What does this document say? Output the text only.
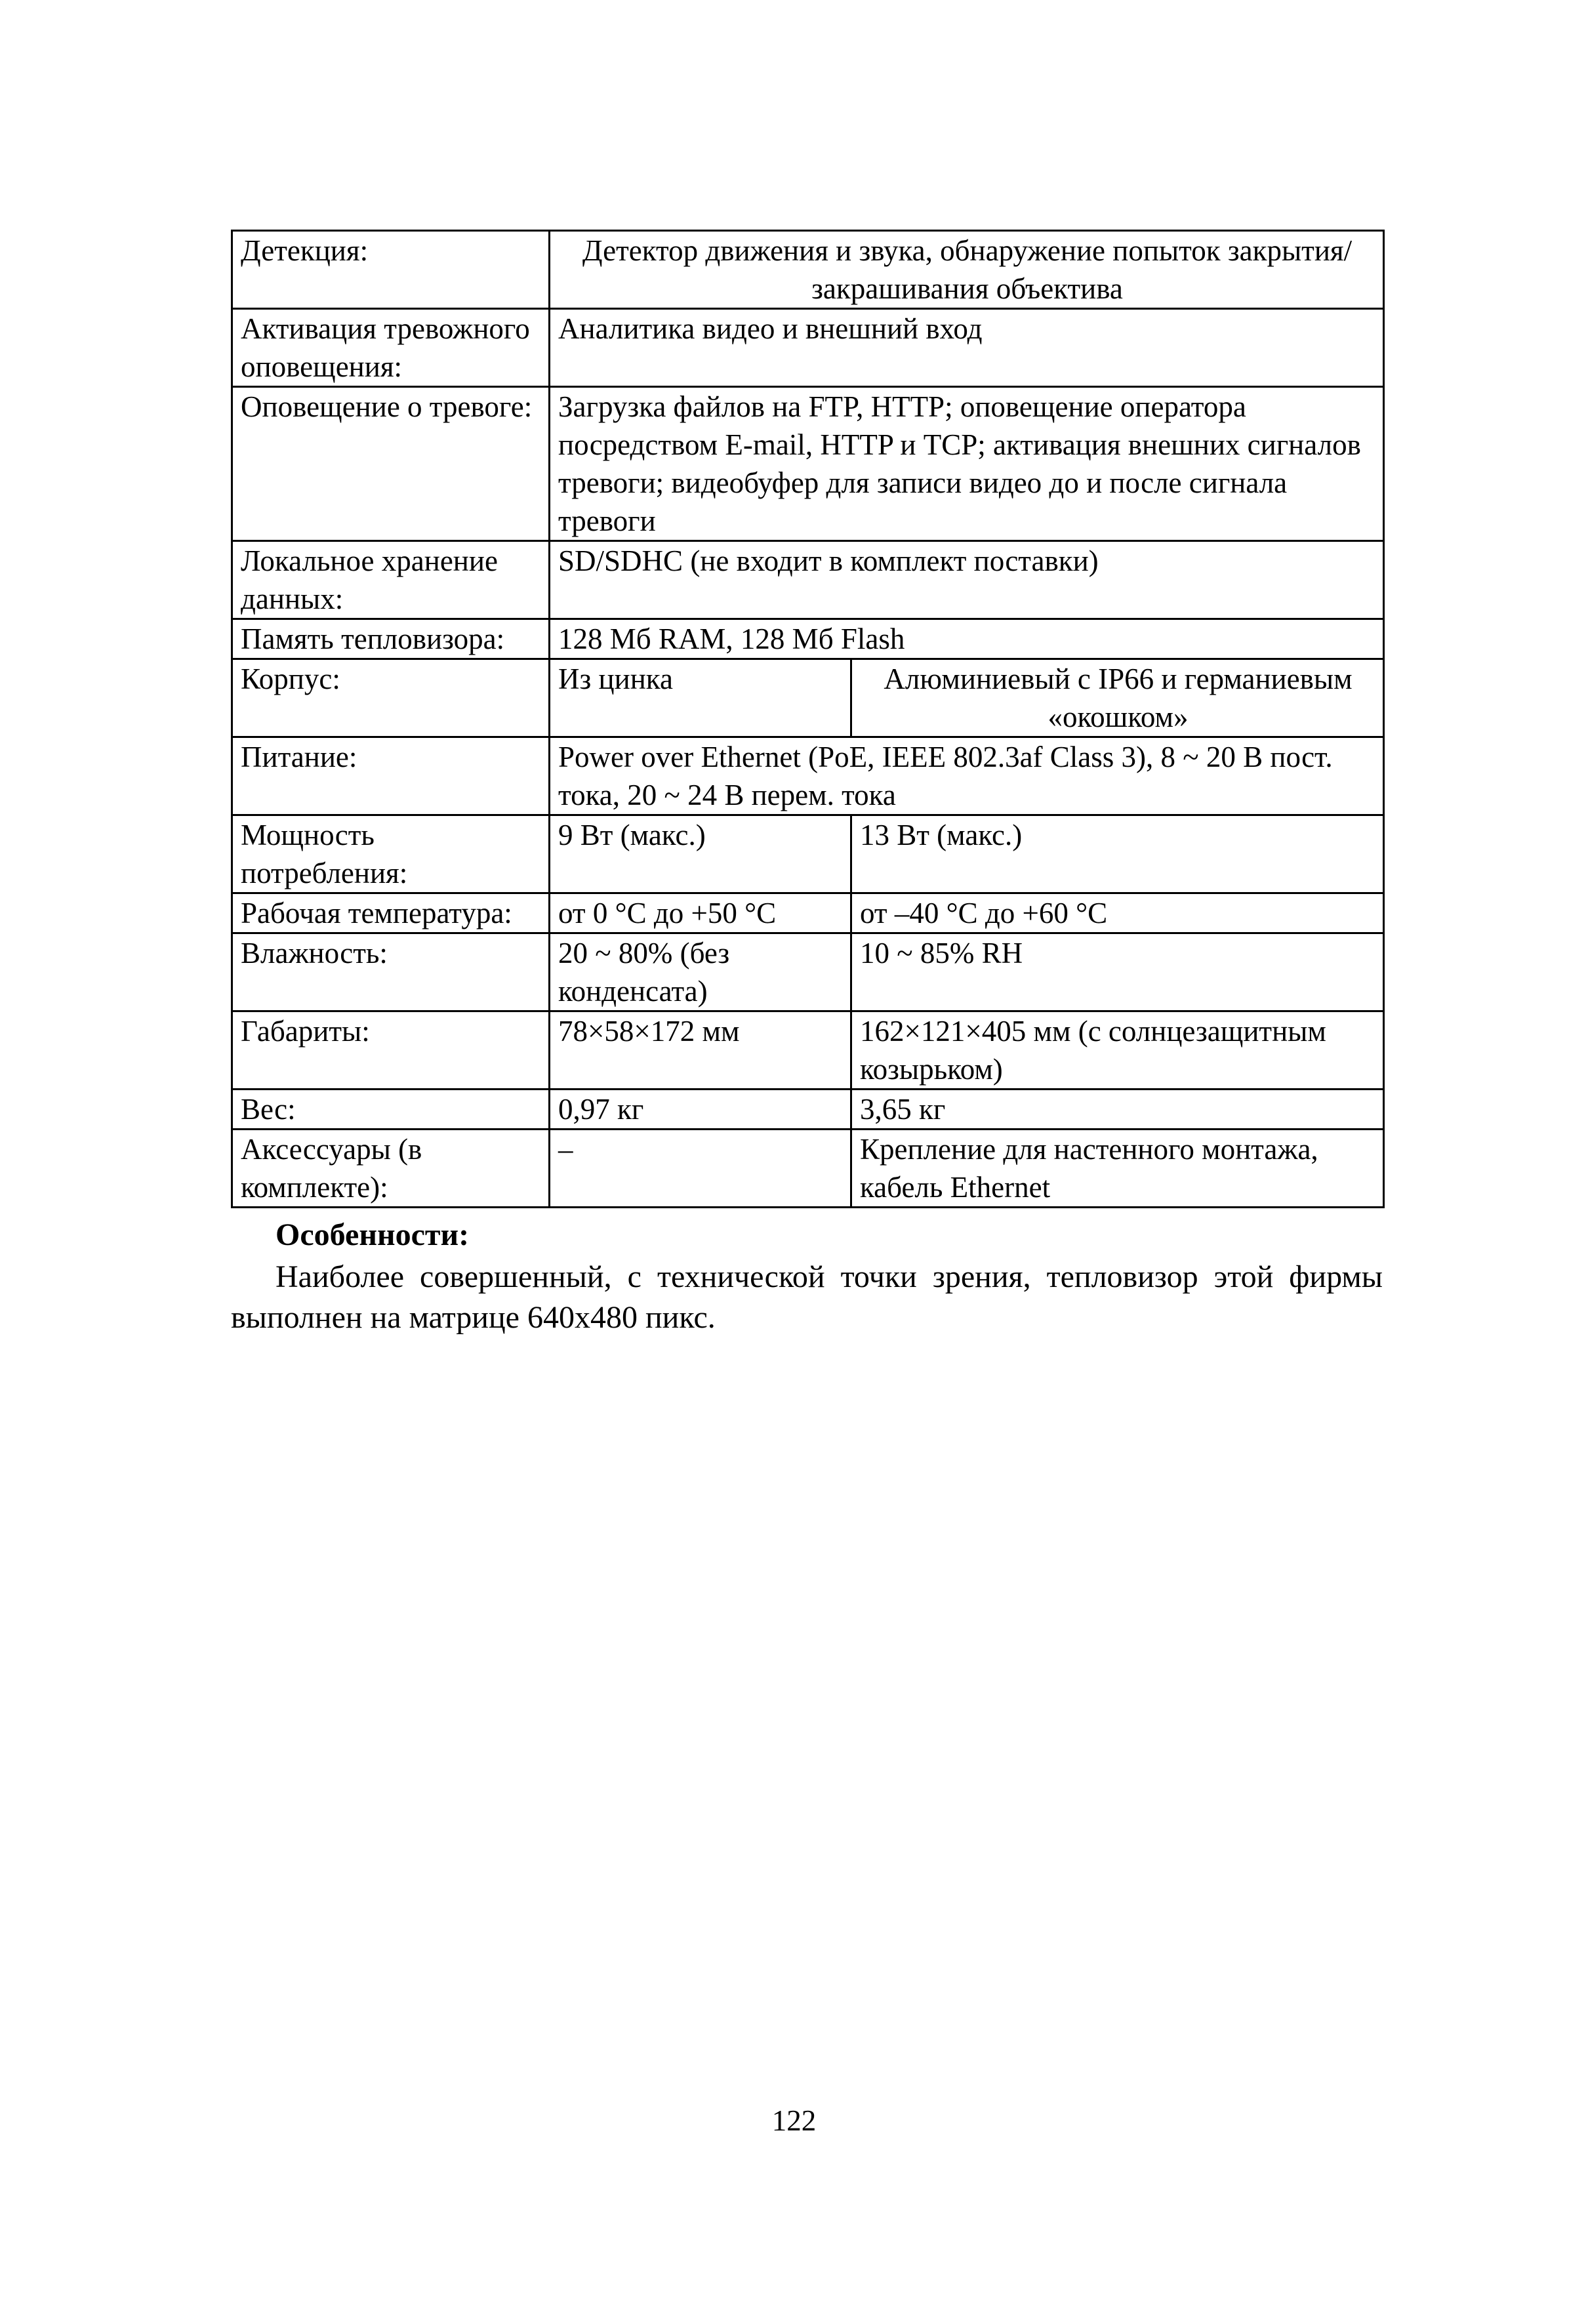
Детекция:	Детектор движения и звука, обнаружение попыток закрытия/закрашивания объектива	
Активация тревожного оповещения:	Аналитика видео и внешний вход	
Оповещение о тревоге:	Загрузка файлов на FTP, HTTP; оповещение оператора посредством E-mail, HTTP и TCP; активация внешних сигналов тревоги; видеобуфер для записи видео до и после сигнала тревоги	
Локальное хранение данных:	SD/SDHC (не входит в комплект поставки)	
Память тепловизора:	128 Мб RAM, 128 Мб Flash	
Корпус:	Из цинка	Алюминиевый с IP66 и германиевым «окошком»
Питание:	Power over Ethernet (PoE, IEEE 802.3af Class 3), 8 ~ 20 В пост. тока, 20 ~ 24 В перем. тока	
Мощность потребления:	9 Вт (макс.)	13 Вт (макс.)
Рабочая температура:	от 0 °С до +50 °С	от –40 °С до +60 °С
Влажность:	20 ~ 80% (без конденсата)	10 ~ 85% RH
Габариты:	78×58×172 мм	162×121×405 мм (с солнцезащитным козырьком)
Вес:	0,97 кг	3,65 кг
Аксессуары (в комплекте):	–	Крепление для настенного монтажа, кабель Ethernet
Особенности:

Наиболее совершенный, с технической точки зрения, тепловизор этой фирмы выполнен на матрице 640х480 пикс.

122
